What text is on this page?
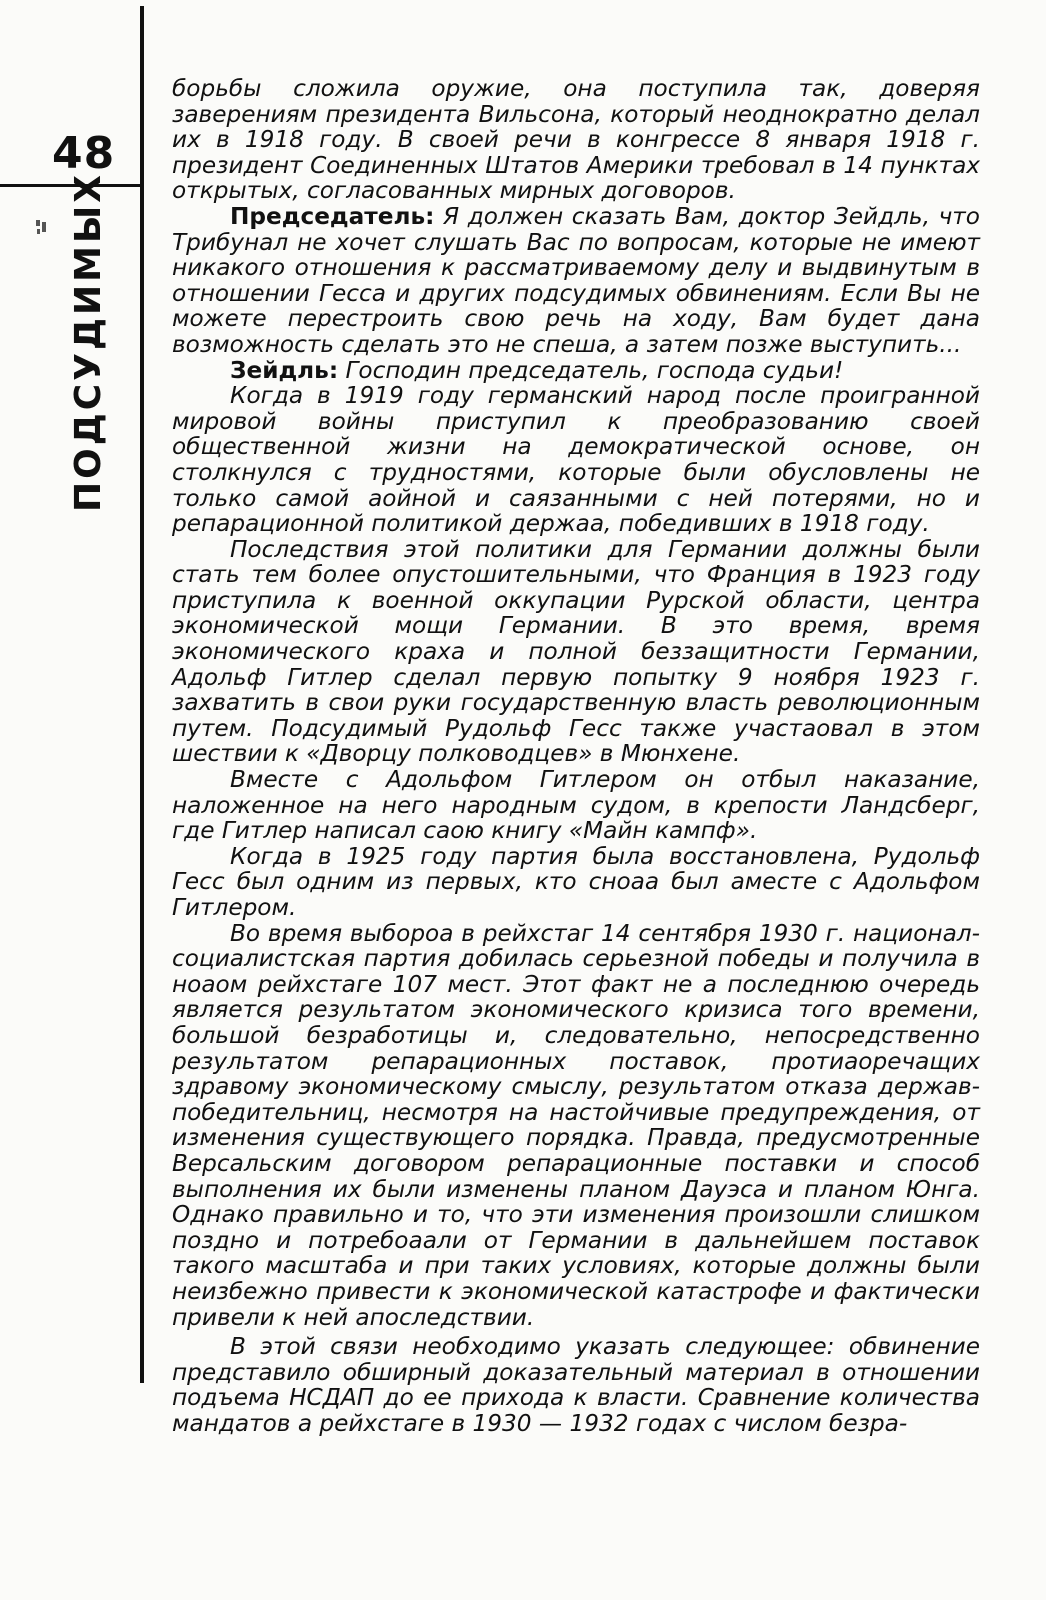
48
ПОДСУДИМЫХ

борьбы сложила оружие, она поступила так, доверяя заверениям президента Вильсона, который неоднократно делал их в 1918 году. В своей речи в конгрессе 8 января 1918 г. президент Соединенных Штатов Америки требовал в 14 пунктах открытых, согласованных мирных договоров.

Председатель: Я должен сказать Вам, доктор Зейдль, что Трибунал не хочет слушать Вас по вопросам, которые не имеют никакого отношения к рассматриваемому делу и выдвинутым в отношении Гесса и других подсудимых обвинениям. Если Вы не можете перестроить свою речь на ходу, Вам будет дана возможность сделать это не спеша, а затем позже выступить...

Зейдль: Господин председатель, господа судьи!

Когда в 1919 году германский народ после проигранной мировой войны приступил к преобразованию своей общественной жизни на демократической основе, он столкнулся с трудностями, которые были обусловлены не только самой аойной и саязанными с ней потерями, но и репарационной политикой держаа, победивших в 1918 году.

Последствия этой политики для Германии должны были стать тем более опустошительными, что Франция в 1923 году приступила к военной оккупации Рурской области, центра экономической мощи Германии. В это время, время экономического краха и полной беззащитности Германии, Адольф Гитлер сделал первую попытку 9 ноября 1923 г. захватить в свои руки государственную власть революционным путем. Подсудимый Рудольф Гесс также участаовал в этом шествии к «Дворцу полководцев» в Мюнхене.

Вместе с Адольфом Гитлером он отбыл наказание, наложенное на него народным судом, в крепости Ландсберг, где Гитлер написал саою книгу «Майн кампф».

Когда в 1925 году партия была восстановлена, Рудольф Гесс был одним из первых, кто сноаа был аместе с Адольфом Гитлером.

Во время выбороа в рейхстаг 14 сентября 1930 г. национал-социалистская партия добилась серьезной победы и получила в ноаом рейхстаге 107 мест. Этот факт не а последнюю очередь является результатом экономического кризиса того времени, большой безработицы и, следовательно, непосредственно результатом репарационных поставок, протиаоречащих здравому экономическому смыслу, результатом отказа держав-победительниц, несмотря на настойчивые предупреждения, от изменения существующего порядка. Правда, предусмотренные Версальским договором репарационные поставки и способ выполнения их были изменены планом Дауэса и планом Юнга. Однако правильно и то, что эти изменения произошли слишком поздно и потребоаали от Германии в дальнейшем поставок такого масштаба и при таких условиях, которые должны были неизбежно привести к экономической катастрофе и фактически привели к ней апоследствии.

В этой связи необходимо указать следующее: обвинение представило обширный доказательный материал в отношении подъема НСДАП до ее прихода к власти. Сравнение количества мандатов а рейхстаге в 1930 — 1932 годах с числом безра-
